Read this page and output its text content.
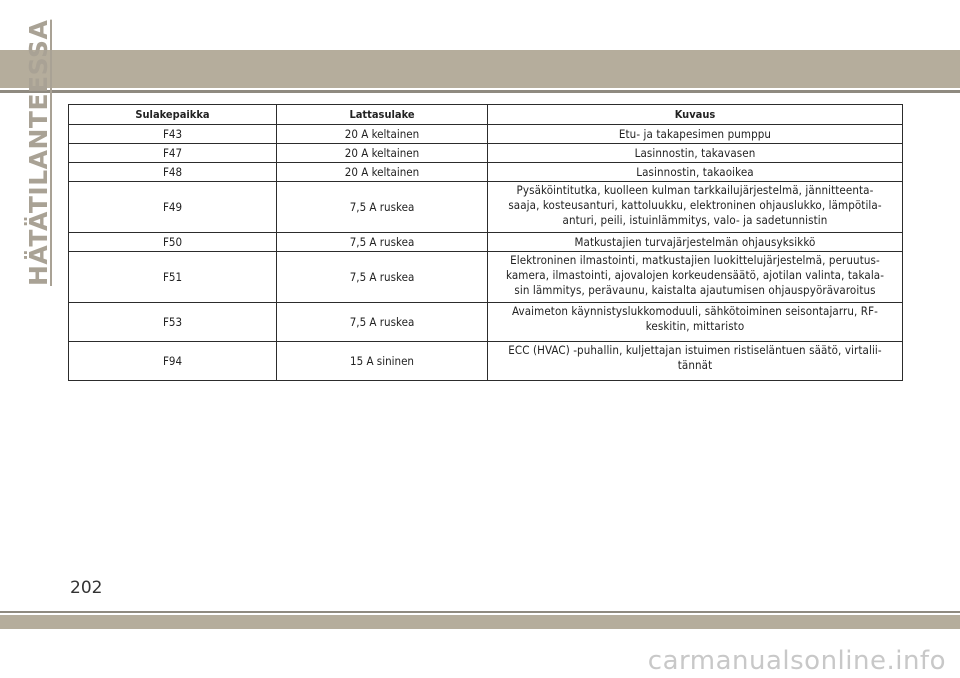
HÄTÄTILANTEESSA	Sulakepaikka	Lattasulake	Kuvaus
F43	20 A keltainen	Etu- ja takapesimen pumppu

F47	20 A keltainen	Lasinnostin, takavasen

F48	20 A keltainen	Lasinnostin, takaoikea

F49	7,5 A ruskea	Pysäköintitutka, kuolleen kulman tarkkailujärjestelmä, jännitteenta-
saaja, kosteusanturi, kattoluukku, elektroninen ohjauslukko, lämpötila-
anturi, peili, istuinlämmitys, valo- ja sadetunnistin

F50	7,5 A ruskea	Matkustajien turvajärjestelmän ohjausyksikkö

F51	7,5 A ruskea	Elektroninen ilmastointi, matkustajien luokittelujärjestelmä, peruutus-
kamera, ilmastointi, ajovalojen korkeudensäätö, ajotilan valinta, takala-
sin lämmitys, perävaunu, kaistalta ajautumisen ohjauspyörävaroitus

F53	7,5 A ruskea	Avaimeton käynnistyslukkomoduuli, sähkötoiminen seisontajarru, RF-
keskitin, mittaristo

F94	15 A sininen	ECC (HVAC) -puhallin, kuljettajan istuimen ristiseläntuen säätö, virtalii-
tännät
202
carmanualsonline.info
